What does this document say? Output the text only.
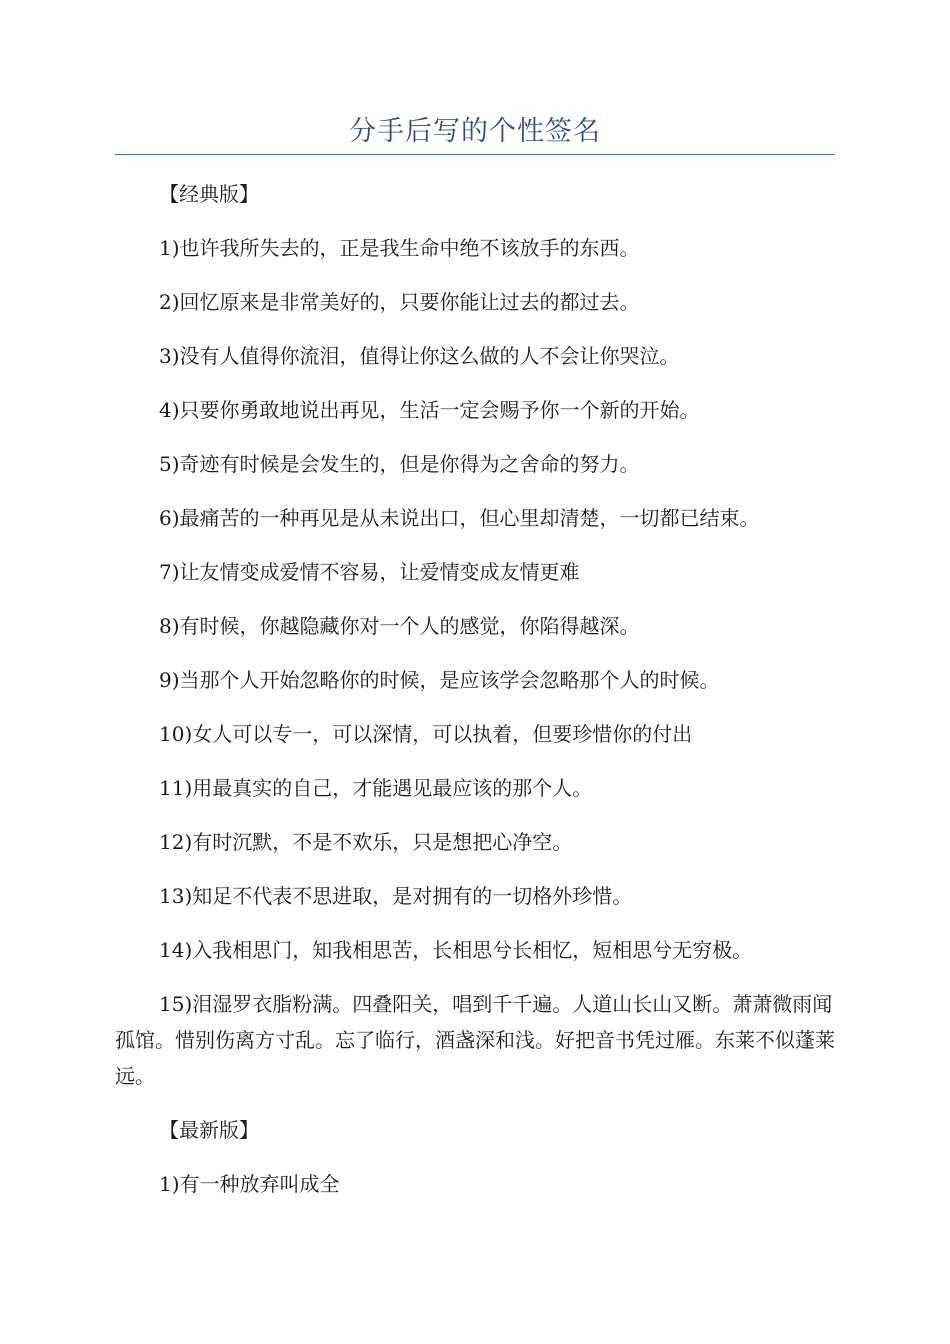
分手后写的个性签名

【经典版】

1)也许我所失去的，正是我生命中绝不该放手的东西。

2)回忆原来是非常美好的，只要你能让过去的都过去。

3)没有人值得你流泪，值得让你这么做的人不会让你哭泣。

4)只要你勇敢地说出再见，生活一定会赐予你一个新的开始。

5)奇迹有时候是会发生的，但是你得为之舍命的努力。

6)最痛苦的一种再见是从未说出口，但心里却清楚，一切都已结束。

7)让友情变成爱情不容易，让爱情变成友情更难

8)有时候，你越隐藏你对一个人的感觉，你陷得越深。

9)当那个人开始忽略你的时候，是应该学会忽略那个人的时候。

10)女人可以专一，可以深情，可以执着，但要珍惜你的付出

11)用最真实的自己，才能遇见最应该的那个人。

12)有时沉默，不是不欢乐，只是想把心净空。

13)知足不代表不思进取，是对拥有的一切格外珍惜。

14)入我相思门，知我相思苦，长相思兮长相忆，短相思兮无穷极。

15)泪湿罗衣脂粉满。四叠阳关，唱到千千遍。人道山长山又断。萧萧微雨闻孤馆。惜别伤离方寸乱。忘了临行，酒盏深和浅。好把音书凭过雁。东莱不似蓬莱远。

【最新版】

1)有一种放弃叫成全
